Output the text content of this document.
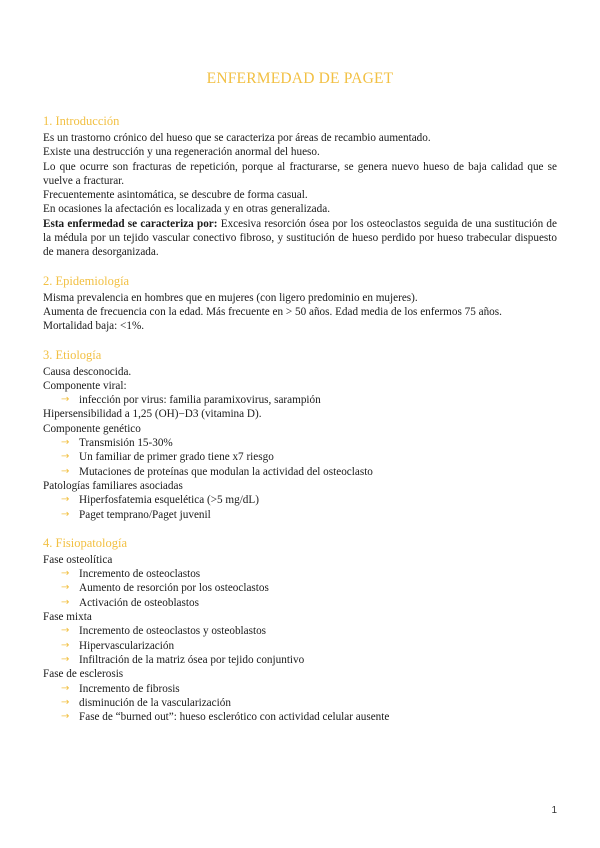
ENFERMEDAD DE PAGET
1. Introducción

Es un trastorno crónico del hueso que se caracteriza por áreas de recambio aumentado.

Existe una destrucción y una regeneración anormal del hueso.

Lo que ocurre son fracturas de repetición, porque al fracturarse, se genera nuevo hueso de baja calidad que se vuelve a fracturar.

Frecuentemente asintomática, se descubre de forma casual.

En ocasiones la afectación es localizada y en otras generalizada.

Esta enfermedad se caracteriza por: Excesiva resorción ósea por los osteoclastos seguida de una sustitución de la médula por un tejido vascular conectivo fibroso, y sustitución de hueso perdido por hueso trabecular dispuesto de manera desorganizada.

2. Epidemiología

Misma prevalencia en hombres que en mujeres (con ligero predominio en mujeres).

Aumenta de frecuencia con la edad. Más frecuente en > 50 años. Edad media de los enfermos 75 años.

Mortalidad baja: <1%.

3. Etiología

Causa desconocida.

Componente viral:

→ infección por virus: familia paramixovirus, sarampión

Hipersensibilidad a 1,25 (OH)−D3 (vitamina D).

Componente genético

→ Transmisión 15-30%
→ Un familiar de primer grado tiene x7 riesgo
→ Mutaciones de proteínas que modulan la actividad del osteoclasto

Patologías familiares asociadas

→ Hiperfosfatemia esquelética (>5 mg/dL)
→ Paget temprano/Paget juvenil
4. Fisiopatología

Fase osteolítica

→ Incremento de osteoclastos
→ Aumento de resorción por los osteoclastos
→ Activación de osteoblastos

Fase mixta

→ Incremento de osteoclastos y osteoblastos
→ Hipervascularización
→ Infiltración de la matriz ósea por tejido conjuntivo

Fase de esclerosis

→ Incremento de fibrosis
→ disminución de la vascularización
→ Fase de “burned out”: hueso esclerótico con actividad celular ausente
1
